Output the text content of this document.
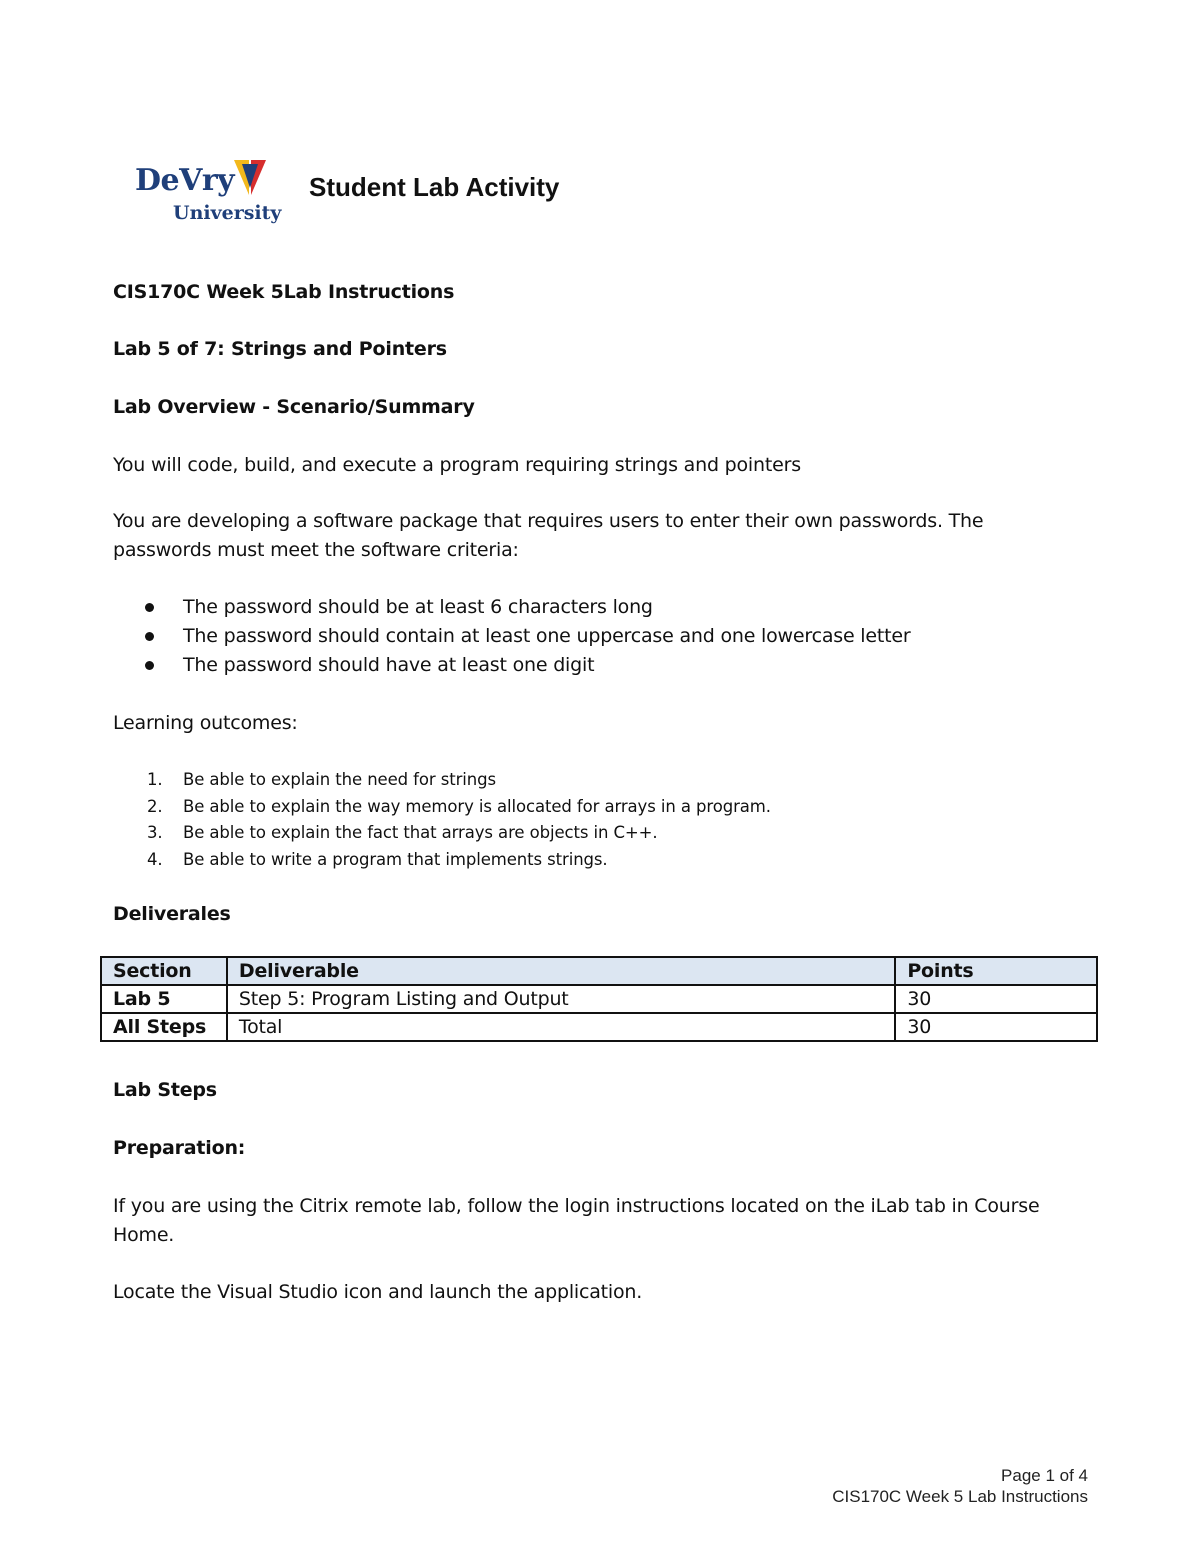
DeVry
University
Student Lab Activity
CIS170C Week 5Lab Instructions
Lab 5 of 7: Strings and Pointers
Lab Overview - Scenario/Summary
You will code, build, and execute a program requiring strings and pointers
You are developing a software package that requires users to enter their own passwords. The
passwords must meet the software criteria:
The password should be at least 6 characters long
The password should contain at least one uppercase and one lowercase letter
The password should have at least one digit
Learning outcomes:
1. Be able to explain the need for strings
2. Be able to explain the way memory is allocated for arrays in a program.
3. Be able to explain the fact that arrays are objects in C++.
4. Be able to write a program that implements strings.
Deliverales
Section	Deliverable	Points
Lab 5	Step 5: Program Listing and Output	30
All Steps	Total	30
Lab Steps
Preparation:
If you are using the Citrix remote lab, follow the login instructions located on the iLab tab in Course
Home.
Locate the Visual Studio icon and launch the application.
Page 1 of 4
CIS170C Week 5 Lab Instructions
